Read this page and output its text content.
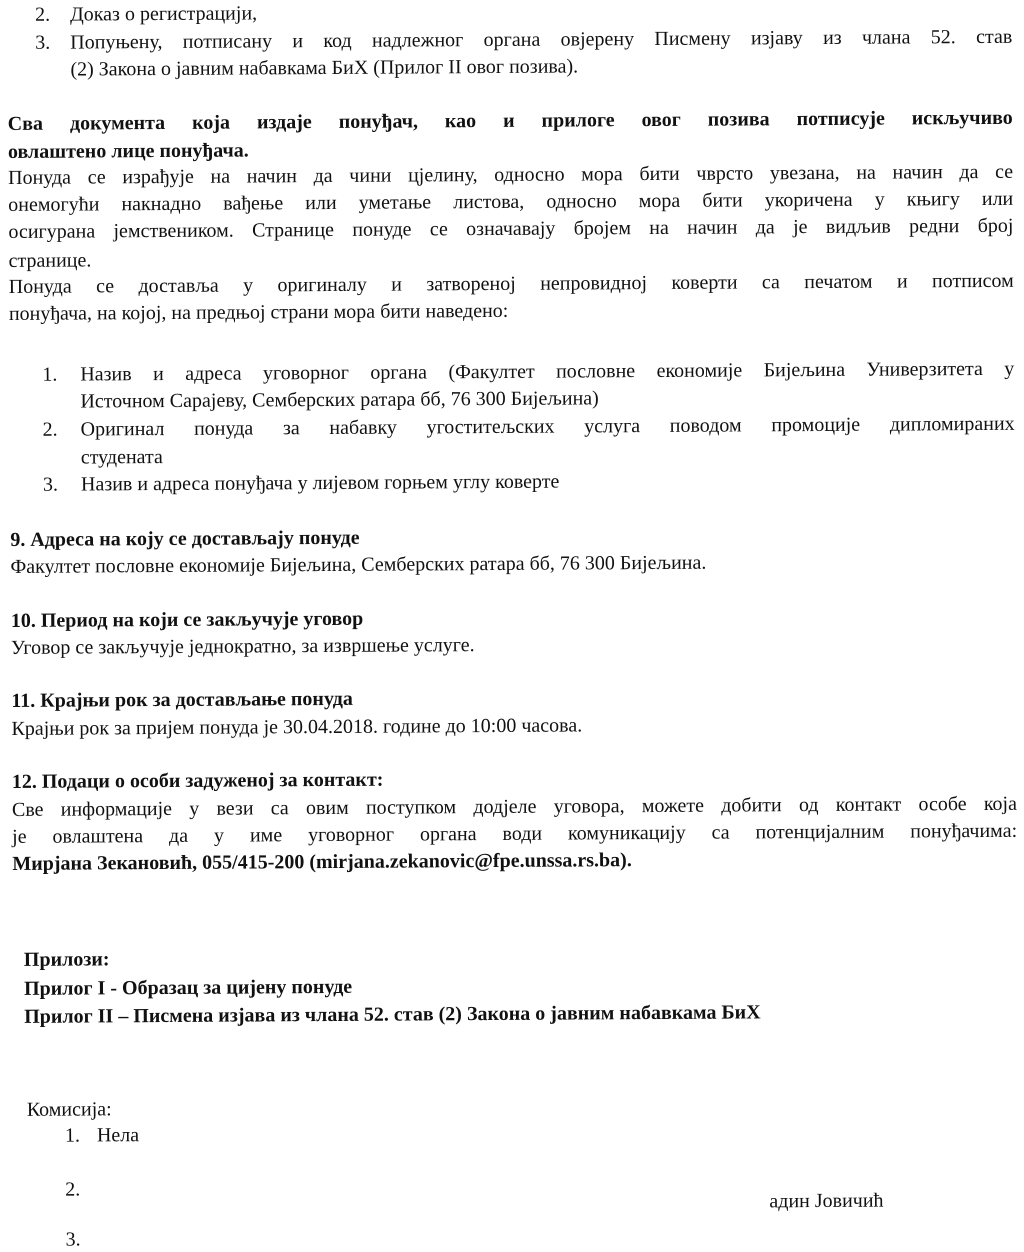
2. Доказ о регистрацији,
3. Попуњену, потписану и код надлежног органа овјерену Писмену изјаву из члана 52. став
(2) Закона о јавним набавкама БиХ (Прилог II овог позива).
Сва документа која издаје понуђач, као и прилоге овог позива потписује искључиво
овлаштено лице понуђача.
Понуда се израђује на начин да чини цјелину, односно мора бити чврсто увезана, на начин да се
онемогући накнадно вађење или уметање листова, односно мора бити укоричена у књигу или
осигурана јемствеником. Странице понуде се означавају бројем на начин да је видљив редни број
странице.
Понуда се доставља у оригиналу и затвореној непровидној коверти са печатом и потписом
понуђача, на којој, на предњој страни мора бити наведено:
1. Назив и адреса уговорног органа (Факултет пословне економије Бијељина Универзитета у
Источном Сарајеву, Семберских ратара бб, 76 300 Бијељина)
2. Оригинал понуда за набавку угоститељских услуга поводом промоције дипломираних
студената
3. Назив и адреса понуђача у лијевом горњем углу коверте
9. Адреса на коју се достављају понуде
Факултет пословне економије Бијељина, Семберских ратара бб, 76 300 Бијељина.
10. Период на који се закључује уговор
Уговор се закључује једнократно, за извршење услуге.
11. Крајњи рок за достављање понуда
Крајњи рок за пријем понуда је 30.04.2018. године до 10:00 часова.
12. Подаци о особи задуженој за контакт:
Све информације у вези са овим поступком додјеле уговора, можете добити од контакт особе која
је овлаштена да у име уговорног органа води комуникацију са потенцијалним понуђачима:
Мирјана Зекановић, 055/415-200 (mirjana.zekanovic@fpe.unssa.rs.ba).
Прилози:
Прилог I - Образац за цијену понуде
Прилог II – Писмена изјава из члана 52. став (2) Закона о јавним набавкама БиХ
Комисија:
1. Нела
2.
адин Јовичић
3.
